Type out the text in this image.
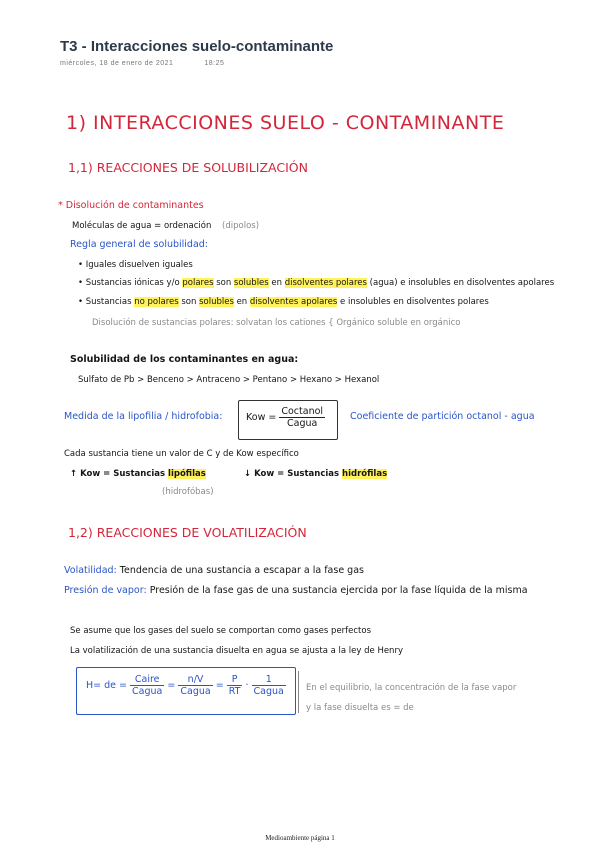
T3 - Interacciones suelo-contaminante
miércoles, 18 de enero de 2021	18:25
1) INTERACCIONES SUELO - CONTAMINANTE
1,1) REACCIONES DE SOLUBILIZACIÓN
* Disolución de contaminantes
Moléculas de agua = ordenación (dipolos)
Regla general de solubilidad:
• Iguales disuelven iguales
• Sustancias iónicas y/o polares son solubles en disolventes polares (agua) e insolubles en disolventes apolares
• Sustancias no polares son solubles en disolventes apolares e insolubles en disolventes polares
Disolución de sustancias polares: solvatan los cationes { Orgánico soluble en orgánico
Solubilidad de los contaminantes en agua:
Sulfato de Pb > Benceno > Antraceno > Pentano > Hexano > Hexanol
Medida de la lipofilia / hidrofobia: Kow = $\frac{\text{Coctanol}}{\text{Cagua}}$	Coeficiente de partición octanol - agua
Cada sustancia tiene un valor de C y de Kow específico
↑ Kow = Sustancias lipófilas	↓ Kow = Sustancias hidrófilas
(hidrofóbas)
1,2) REACCIONES DE VOLATILIZACIÓN
Volatilidad: Tendencia de una sustancia a escapar a la fase gas
Presión de vapor: Presión de la fase gas de una sustancia ejercida por la fase líquida de la misma
Se asume que los gases del suelo se comportan como gases perfectos
La volatilización de una sustancia disuelta en agua se ajusta a la ley de Henry
H= de = $\frac{\text{Caire}}{\text{Cagua}} = \frac{n/V}{\text{Cagua}} = \frac{P}{RT} \cdot \frac{1}{\text{Cagua}}$ En el equilibrio, la concentración de la fase vapor
y la fase disuelta es = de
Medioambiente página 1
